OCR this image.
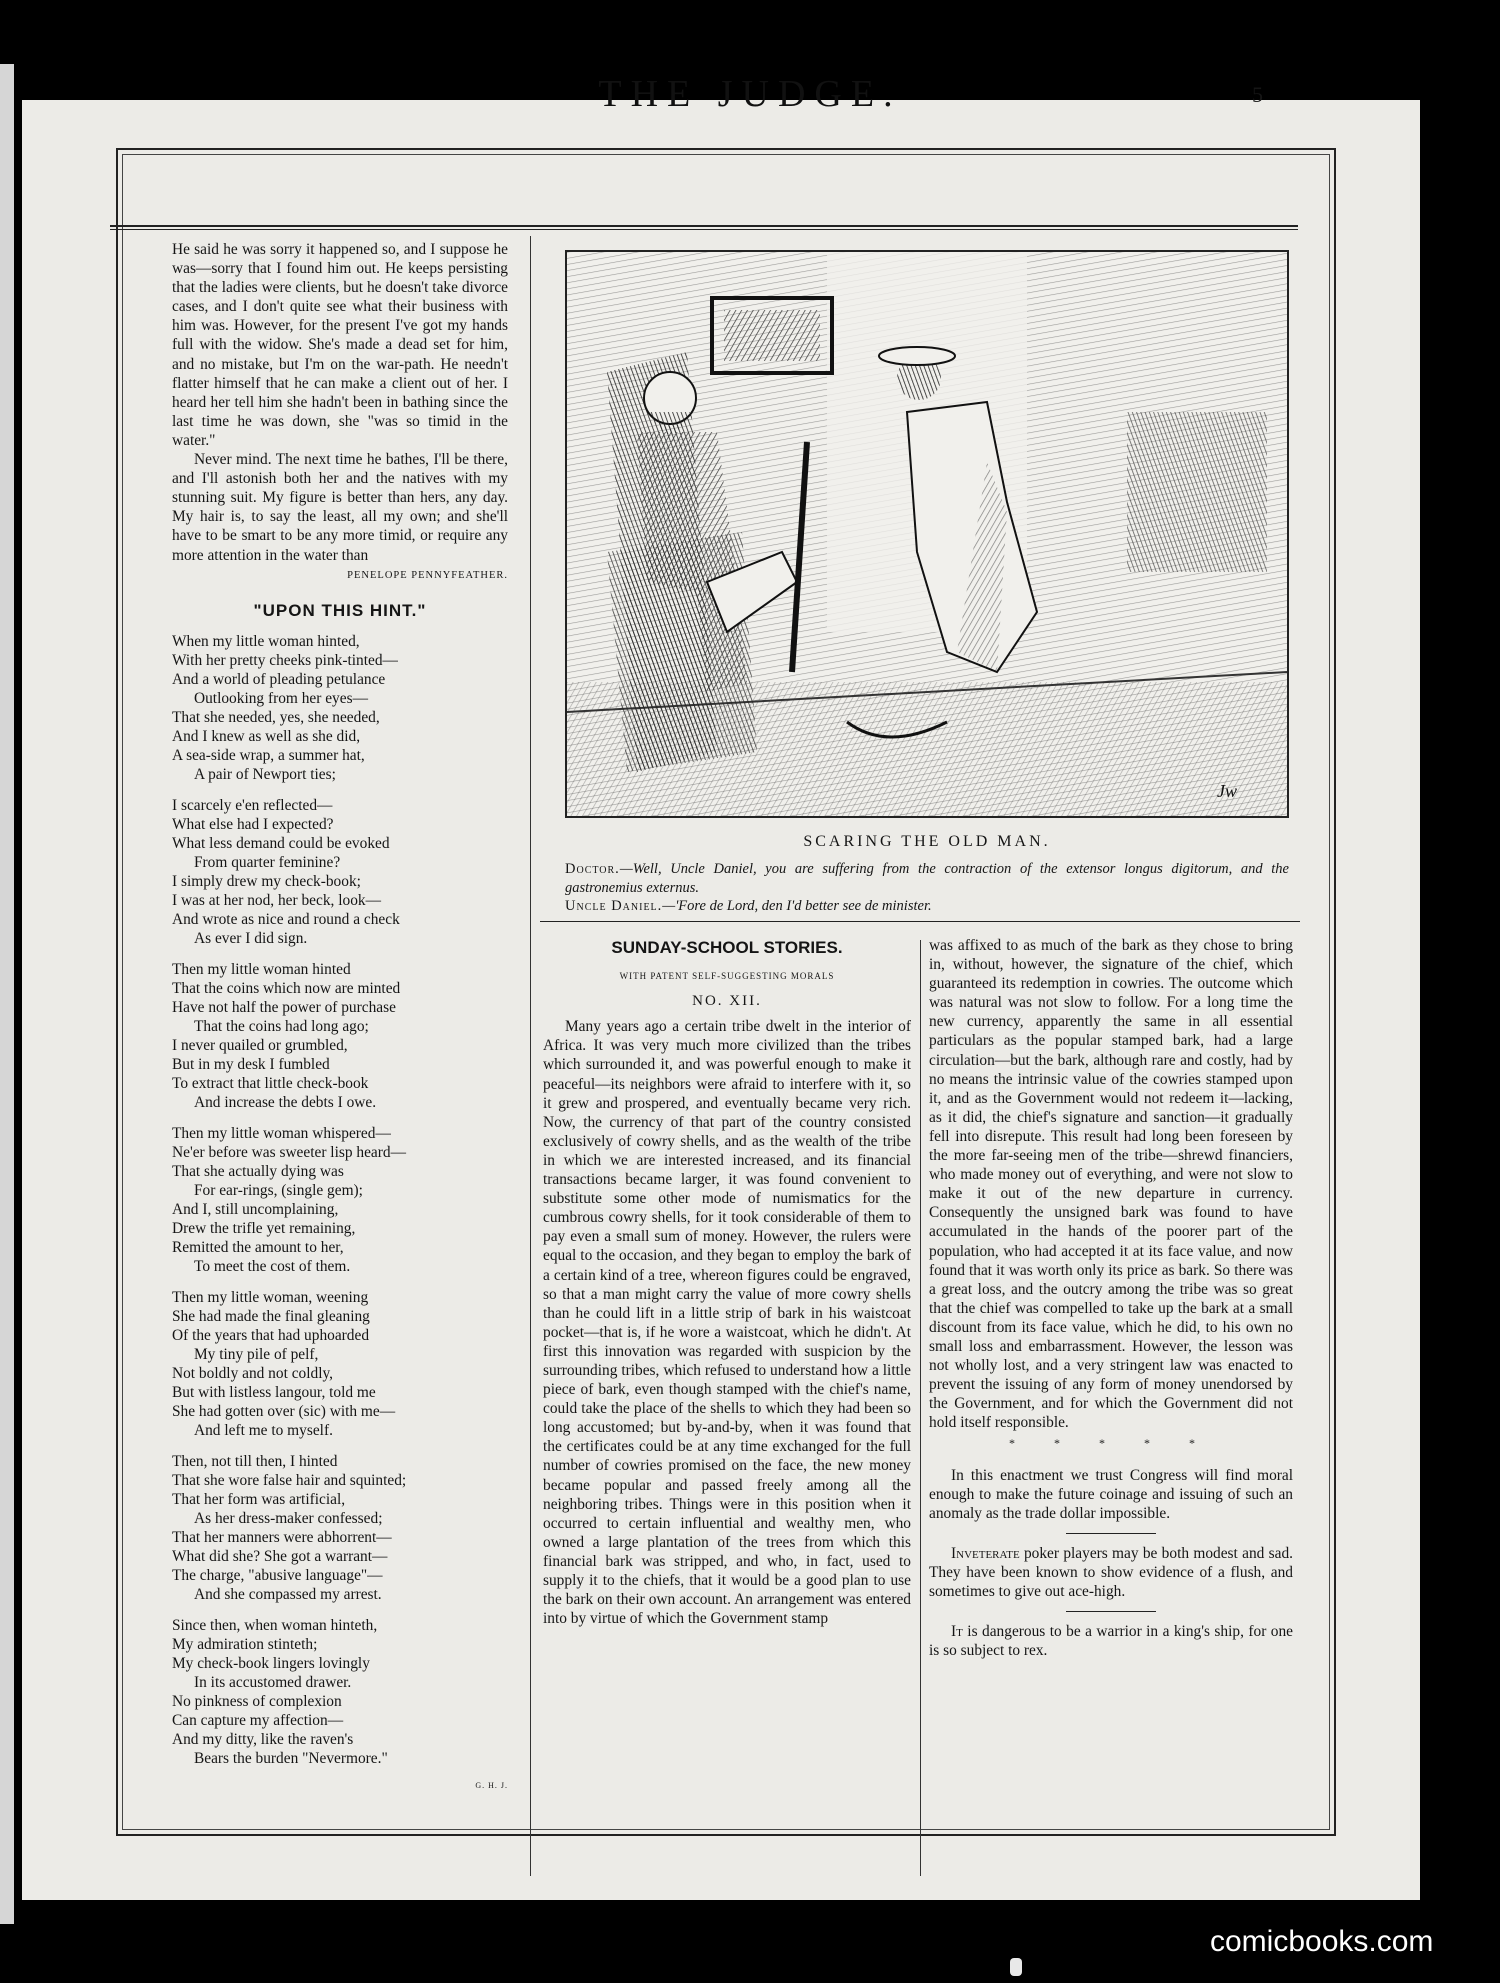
THE JUDGE.	5

He said he was sorry it happened so, and I suppose he was—sorry that I found him out. He keeps persisting that the ladies were clients, but he doesn't take divorce cases, and I don't quite see what their business with him was. However, for the present I've got my hands full with the widow. She's made a dead set for him, and no mistake, but I'm on the war-path. He needn't flatter himself that he can make a client out of her. I heard her tell him she hadn't been in bathing since the last time he was down, she "was so timid in the water."

Never mind. The next time he bathes, I'll be there, and I'll astonish both her and the natives with my stunning suit. My figure is better than hers, any day. My hair is, to say the least, all my own; and she'll have to be smart to be any more timid, or require any more attention in the water than

PENELOPE PENNYFEATHER.
"UPON THIS HINT."
When my little woman hinted,
With her pretty cheeks pink-tinted—
And a world of pleading petulance
Outlooking from her eyes—
That she needed, yes, she needed,
And I knew as well as she did,
A sea-side wrap, a summer hat,
A pair of Newport ties;
I scarcely e'en reflected—
What else had I expected?
What less demand could be evoked
From quarter feminine?
I simply drew my check-book;
I was at her nod, her beck, look—
And wrote as nice and round a check
As ever I did sign.
Then my little woman hinted
That the coins which now are minted
Have not half the power of purchase
That the coins had long ago;
I never quailed or grumbled,
But in my desk I fumbled
To extract that little check-book
And increase the debts I owe.
Then my little woman whispered—
Ne'er before was sweeter lisp heard—
That she actually dying was
For ear-rings, (single gem);
And I, still uncomplaining,
Drew the trifle yet remaining,
Remitted the amount to her,
To meet the cost of them.
Then my little woman, weening
She had made the final gleaning
Of the years that had uphoarded
My tiny pile of pelf,
Not boldly and not coldly,
But with listless langour, told me
She had gotten over (sic) with me—
And left me to myself.
Then, not till then, I hinted
That she wore false hair and squinted;
That her form was artificial,
As her dress-maker confessed;
That her manners were abhorrent—
What did she? She got a warrant—
The charge, "abusive language"—
And she compassed my arrest.
Since then, when woman hinteth,
My admiration stinteth;
My check-book lingers lovingly
In its accustomed drawer.
No pinkness of complexion
Can capture my affection—
And my ditty, like the raven's
Bears the burden "Nevermore."
G. H. J.
Jw
SCARING THE OLD MAN.

Doctor.—Well, Uncle Daniel, you are suffering from the contraction of the extensor longus digitorum, and the gastronemius externus.

Uncle Daniel.—'Fore de Lord, den I'd better see de minister.

SUNDAY-SCHOOL STORIES.
WITH PATENT SELF-SUGGESTING MORALS
NO. XII.

Many years ago a certain tribe dwelt in the interior of Africa. It was very much more civilized than the tribes which surrounded it, and was powerful enough to make it peaceful—its neighbors were afraid to interfere with it, so it grew and prospered, and eventually became very rich. Now, the currency of that part of the country consisted exclusively of cowry shells, and as the wealth of the tribe in which we are interested increased, and its financial transactions became larger, it was found convenient to substitute some other mode of numismatics for the cumbrous cowry shells, for it took considerable of them to pay even a small sum of money. However, the rulers were equal to the occasion, and they began to employ the bark of a certain kind of a tree, whereon figures could be engraved, so that a man might carry the value of more cowry shells than he could lift in a little strip of bark in his waistcoat pocket—that is, if he wore a waistcoat, which he didn't. At first this innovation was regarded with suspicion by the surrounding tribes, which refused to understand how a little piece of bark, even though stamped with the chief's name, could take the place of the shells to which they had been so long accustomed; but by-and-by, when it was found that the certificates could be at any time exchanged for the full number of cowries promised on the face, the new money became popular and passed freely among all the neighboring tribes. Things were in this position when it occurred to certain influential and wealthy men, who owned a large plantation of the trees from which this financial bark was stripped, and who, in fact, used to supply it to the chiefs, that it would be a good plan to use the bark on their own account. An arrangement was entered into by virtue of which the Government stamp

was affixed to as much of the bark as they chose to bring in, without, however, the signature of the chief, which guaranteed its redemption in cowries. The outcome which was natural was not slow to follow. For a long time the new currency, apparently the same in all essential particulars as the popular stamped bark, had a large circulation—but the bark, although rare and costly, had by no means the intrinsic value of the cowries stamped upon it, and as the Government would not redeem it—lacking, as it did, the chief's signature and sanction—it gradually fell into disrepute. This result had long been foreseen by the more far-seeing men of the tribe—shrewd financiers, who made money out of everything, and were not slow to make it out of the new departure in currency. Consequently the unsigned bark was found to have accumulated in the hands of the poorer part of the population, who had accepted it at its face value, and now found that it was worth only its price as bark. So there was a great loss, and the outcry among the tribe was so great that the chief was compelled to take up the bark at a small discount from its face value, which he did, to his own no small loss and embarrassment. However, the lesson was not wholly lost, and a very stringent law was enacted to prevent the issuing of any form of money unendorsed by the Government, and for which the Government did not hold itself responsible.

* * * * *

In this enactment we trust Congress will find moral enough to make the future coinage and issuing of such an anomaly as the trade dollar impossible.

Inveterate poker players may be both modest and sad. They have been known to show evidence of a flush, and sometimes to give out ace-high.

It is dangerous to be a warrior in a king's ship, for one is so subject to rex.

comicbooks.com
